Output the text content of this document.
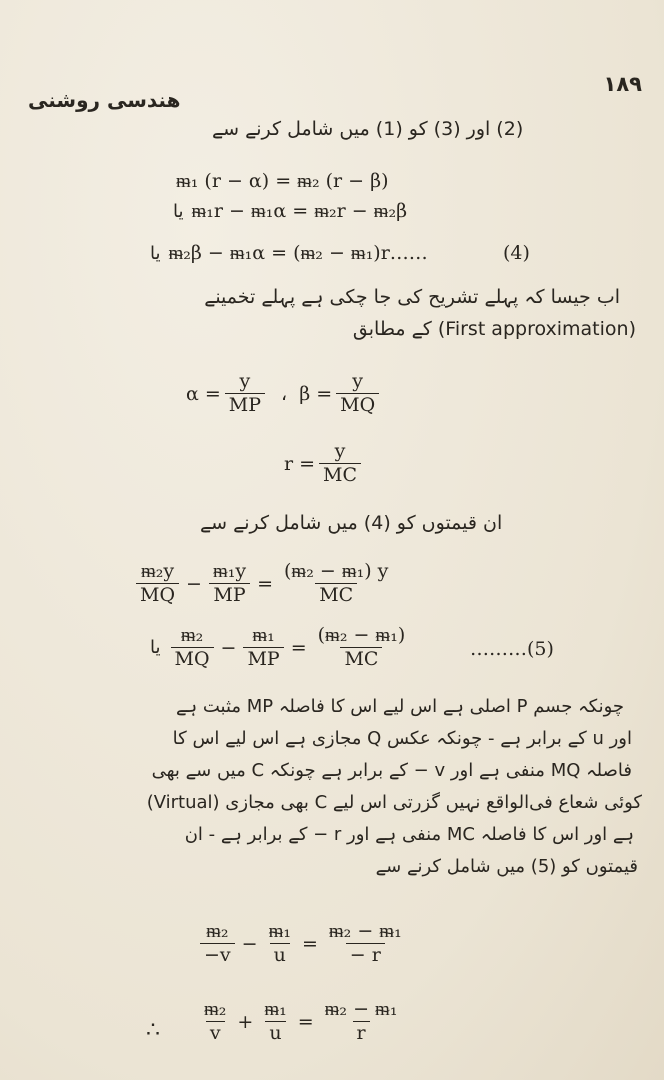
١٨٩
هندسی روشنی
(2) اور (3) کو (1) میں شامل کرنے سے
ᵯ₁ (r − α) = ᵯ₂ (r − β)
یا ᵯ₁r − ᵯ₁α = ᵯ₂r − ᵯ₂β
یا ᵯ₂β − ᵯ₁α = (ᵯ₂ − ᵯ₁)r……	(4)
اب جیسا کہ پہلے تشریح کی جا چکی ہے پہلے تخمینے
(First approximation) کے مطابق
$\alpha = \frac{y}{MP}$ ، $\beta = \frac{y}{MQ}$
$r = \frac{y}{MC}$
ان قیمتوں کو (4) میں شامل کرنے سے
$\frac{\text{ᵯ₂y}}{MQ} - \frac{\text{ᵯ₁y}}{MP} = \frac{\text{(ᵯ₂ − ᵯ₁) y}}{MC}$
یا $\frac{\text{ᵯ₂}}{MQ} - \frac{\text{ᵯ₁}}{MP} = \frac{\text{(ᵯ₂ − ᵯ₁)}}{MC}$	………(5)
چونکہ جسم P اصلی ہے اس لیے اس کا فاصلہ MP مثبت ہے
اور u کے برابر ہے - چونکہ عکس Q مجازی ہے اس لیے اس کا
فاصلہ MQ منفی ہے اور v − کے برابر ہے چونکہ C میں سے بھی
کوئی شعاع فی‌الواقع نہیں گزرتی اس لیے C بھی مجازی (Virtual)
ہے اور اس کا فاصلہ MC منفی ہے اور r − کے برابر ہے - ان
قیمتوں کو (5) میں شامل کرنے سے
$\frac{\text{ᵯ₂}}{-v} - \frac{\text{ᵯ₁}}{u} = \frac{\text{ᵯ₂ − ᵯ₁}}{- r}$
∴ $\frac{\text{ᵯ₂}}{v} + \frac{\text{ᵯ₁}}{u} = \frac{\text{ᵯ₂ − ᵯ₁}}{r}$
